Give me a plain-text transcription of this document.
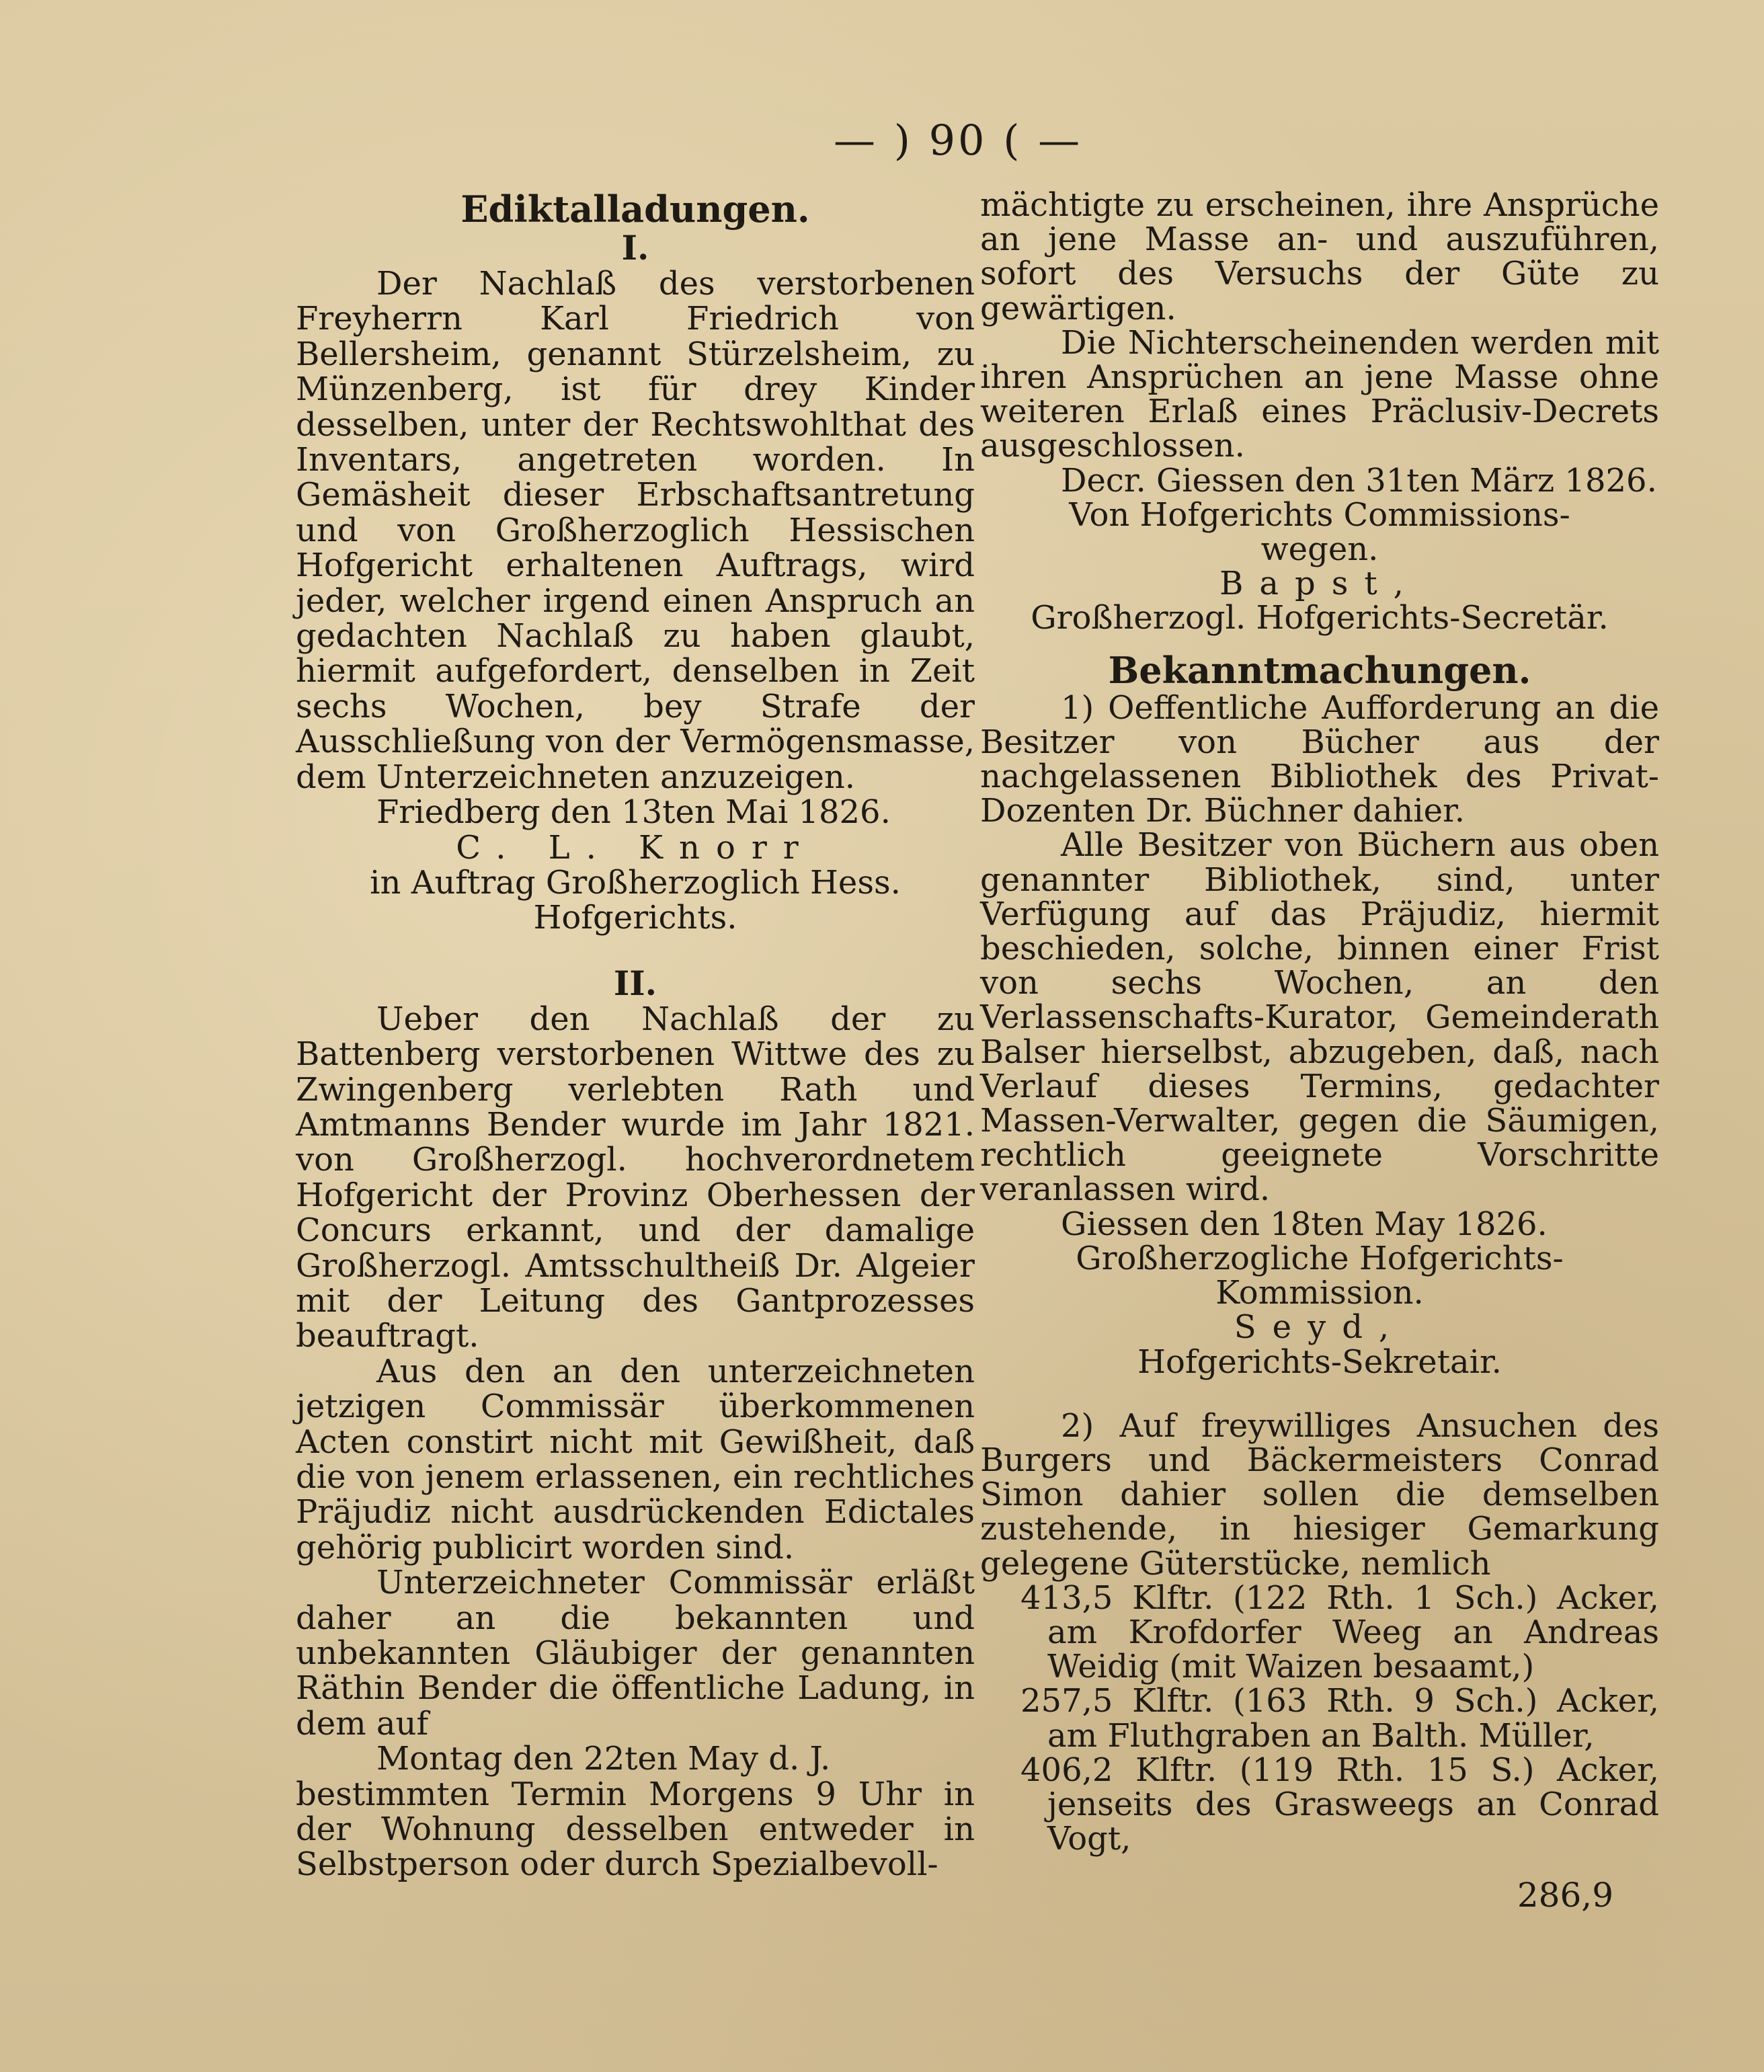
— ) 90 ( —
Ediktalladungen.
I.

Der Nachlaß des verstorbenen Freyherrn Karl Friedrich von Bellersheim, genannt Stürzelsheim, zu Münzenberg, ist für drey Kinder desselben, unter der Rechtswohlthat des Inventars, angetreten worden. In Gemäsheit dieser Erbschaftsantretung und von Großherzoglich Hessischen Hofgericht erhaltenen Auftrags, wird jeder, welcher irgend einen Anspruch an gedachten Nachlaß zu haben glaubt, hiermit aufgefordert, denselben in Zeit sechs Wochen, bey Strafe der Ausschließung von der Vermögensmasse, dem Unterzeichneten anzuzeigen.

Friedberg den 13ten Mai 1826.

C. L. Knorr

in Auftrag Großherzoglich Hess.

Hofgerichts.

II.

Ueber den Nachlaß der zu Battenberg verstorbenen Wittwe des zu Zwingenberg verlebten Rath und Amtmanns Bender wurde im Jahr 1821. von Großherzogl. hochverordnetem Hofgericht der Provinz Oberhessen der Concurs erkannt, und der damalige Großherzogl. Amtsschultheiß Dr. Algeier mit der Leitung des Gantprozesses beauftragt.

Aus den an den unterzeichneten jetzigen Commissär überkommenen Acten constirt nicht mit Gewißheit, daß die von jenem erlassenen, ein rechtliches Präjudiz nicht ausdrückenden Edictales gehörig publicirt worden sind.

Unterzeichneter Commissär erläßt daher an die bekannten und unbekannten Gläubiger der genannten Räthin Bender die öffentliche Ladung, in dem auf

Montag den 22ten May d. J.

bestimmten Termin Morgens 9 Uhr in der Wohnung desselben entweder in Selbstperson oder durch Spezialbevoll-

mächtigte zu erscheinen, ihre Ansprüche an jene Masse an- und auszuführen, sofort des Versuchs der Güte zu gewärtigen.

Die Nichterscheinenden werden mit ihren Ansprüchen an jene Masse ohne weiteren Erlaß eines Präclusiv-Decrets ausgeschlossen.

Decr. Giessen den 31ten März 1826.

Von Hofgerichts Commissions-

wegen.

Bapst,

Großherzogl. Hofgerichts-Secretär.

Bekanntmachungen.

1) Oeffentliche Aufforderung an die Besitzer von Bücher aus der nachgelassenen Bibliothek des Privat-Dozenten Dr. Büchner dahier.

Alle Besitzer von Büchern aus oben genannter Bibliothek, sind, unter Verfügung auf das Präjudiz, hiermit beschieden, solche, binnen einer Frist von sechs Wochen, an den Verlassenschafts-Kurator, Gemeinderath Balser hierselbst, abzugeben, daß, nach Verlauf dieses Termins, gedachter Massen-Verwalter, gegen die Säumigen, rechtlich geeignete Vorschritte veranlassen wird.

Giessen den 18ten May 1826.

Großherzogliche Hofgerichts-Kommission.

Seyd,

Hofgerichts-Sekretair.

2) Auf freywilliges Ansuchen des Burgers und Bäckermeisters Conrad Simon dahier sollen die demselben zustehende, in hiesiger Gemarkung gelegene Güterstücke, nemlich

413,5 Klftr. (122 Rth. 1 Sch.) Acker, am Krofdorfer Weeg an Andreas Weidig (mit Waizen besaamt,)

257,5 Klftr. (163 Rth. 9 Sch.) Acker, am Fluthgraben an Balth. Müller,

406,2 Klftr. (119 Rth. 15 S.) Acker, jenseits des Grasweegs an Conrad Vogt,

286,9
